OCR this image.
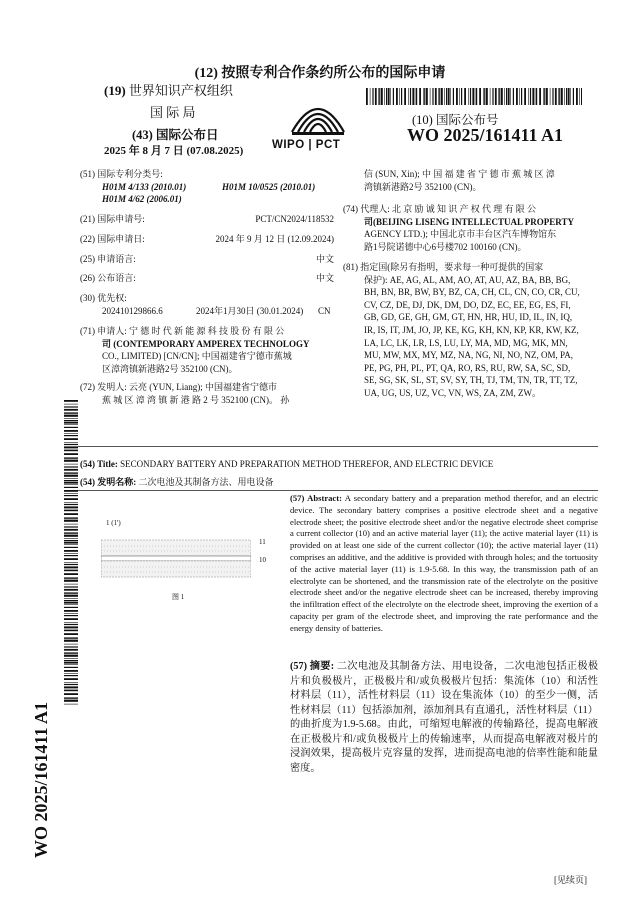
(12) 按照专利合作条约所公布的国际申请
(19) 世界知识产权组织
国 际 局
(43) 国际公布日
2025 年 8 月 7 日 (07.08.2025) WIPO | PCT
(10) 国际公布号
WO 2025/161411 A1
(51) 国际专利分类号:
H01M 4/133 (2010.01)	H01M 10/0525 (2010.01)
H01M 4/62 (2006.01)
(21) 国际申请号:	PCT/CN2024/118532
(22) 国际申请日:	2024 年 9 月 12 日 (12.09.2024)
(25) 申请语言:	中文
(26) 公布语言:	中文
(30) 优先权:
202410129866.6	2024年1月30日 (30.01.2024) CN
(71) 申请人: 宁 德 时 代 新 能 源 科 技 股 份 有 限 公
司 (CONTEMPORARY AMPEREX TECHNOLOGY
CO., LIMITED) [CN/CN]; 中国福建省宁德市蕉城
区漳湾镇新港路2号 352100 (CN)。
(72) 发明人: 云亮 (YUN, Liang); 中国福建省宁德市
蕉 城 区 漳 湾 镇 新 港 路 2 号 352100 (CN)。 孙
信 (SUN, Xin); 中 国 福 建 省 宁 德 市 蕉 城 区 漳
湾镇新港路2号 352100 (CN)。
(74) 代理人: 北 京 励 诚 知 识 产 权 代 理 有 限 公
司(BEIJING LISENG INTELLECTUAL PROPERTY
AGENCY LTD.); 中国北京市丰台区汽车博物馆东
路1号院诺德中心6号楼702 100160 (CN)。
(81) 指定国(除另有指明，要求每一种可提供的国家
保护): AE, AG, AL, AM, AO, AT, AU, AZ, BA, BB, BG,
BH, BN, BR, BW, BY, BZ, CA, CH, CL, CN, CO, CR, CU,
CV, CZ, DE, DJ, DK, DM, DO, DZ, EC, EE, EG, ES, FI,
GB, GD, GE, GH, GM, GT, HN, HR, HU, ID, IL, IN, IQ,
IR, IS, IT, JM, JO, JP, KE, KG, KH, KN, KP, KR, KW, KZ,
LA, LC, LK, LR, LS, LU, LY, MA, MD, MG, MK, MN,
MU, MW, MX, MY, MZ, NA, NG, NI, NO, NZ, OM, PA,
PE, PG, PH, PL, PT, QA, RO, RS, RU, RW, SA, SC, SD,
SE, SG, SK, SL, ST, SV, SY, TH, TJ, TM, TN, TR, TT, TZ,
UA, UG, US, UZ, VC, VN, WS, ZA, ZM, ZW。
WO 2025/161411 A1
(54) Title: SECONDARY BATTERY AND PREPARATION METHOD THEREFOR, AND ELECTRIC DEVICE
(54) 发明名称: 二次电池及其制备方法、用电设备
1 (1')
11
10
图 1
(57) Abstract: A secondary battery and a preparation method therefor, and an electric device. The secondary battery comprises a positive electrode sheet and a negative electrode sheet; the positive electrode sheet and/or the negative electrode sheet comprise a current collector (10) and an active material layer (11); the active material layer (11) is provided on at least one side of the current collector (10); the active material layer (11) comprises an additive, and the additive is provided with through holes; and the tortuosity of the active material layer (11) is 1.9-5.68. In this way, the transmission path of an electrolyte can be shortened, and the transmission rate of the electrolyte on the positive electrode sheet and/or the negative electrode sheet can be increased, thereby improving the infiltration effect of the electrolyte on the electrode sheet, improving the exertion of a capacity per gram of the electrode sheet, and improving the rate performance and the energy density of batteries.
(57) 摘要: 二次电池及其制备方法、用电设备，二次电池包括正极极片和负极极片，正极极片和/或负极极片包括：集流体（10）和活性材料层（11），活性材料层（11）设在集流体（10）的至少一侧，活性材料层（11）包括添加剂，添加剂具有直通孔，活性材料层（11）的曲折度为1.9-5.68。由此，可缩短电解液的传输路径，提高电解液在正极极片和/或负极极片上的传输速率，从而提高电解液对极片的浸润效果，提高极片克容量的发挥，进而提高电池的倍率性能和能量密度。
[见续页]
